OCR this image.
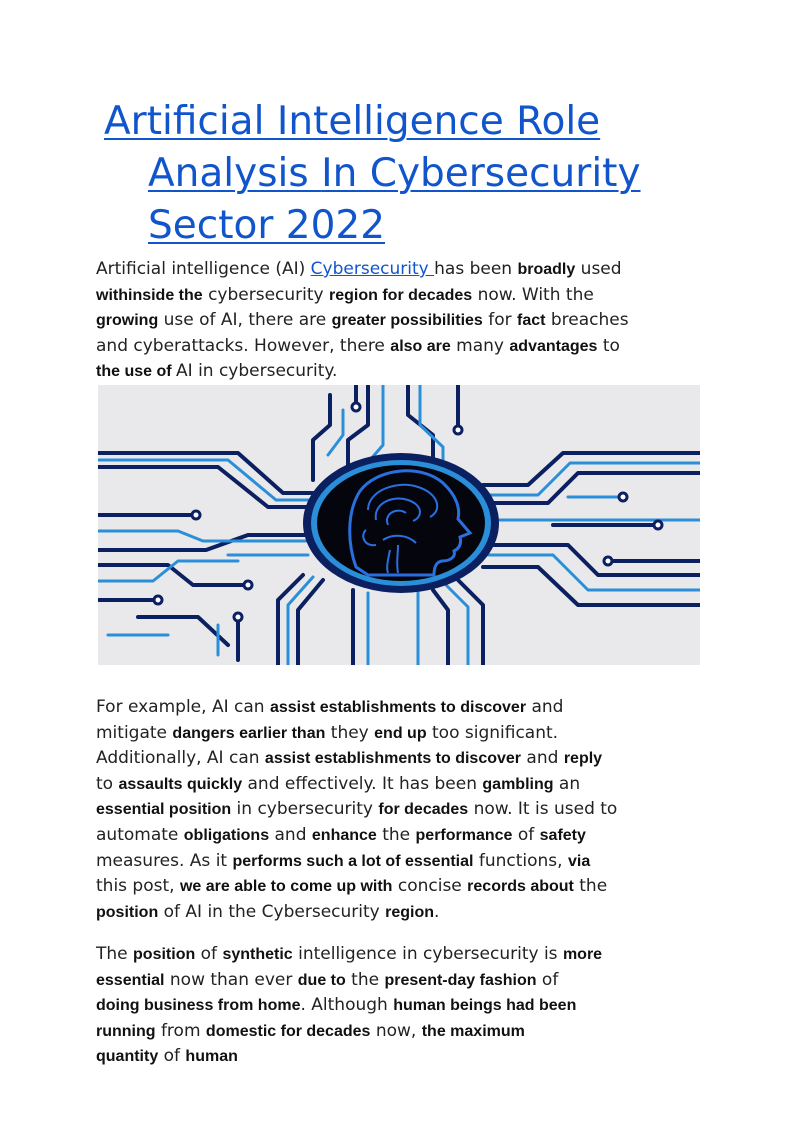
Artificial Intelligence Role
Analysis In Cybersecurity
Sector 2022

Artificial intelligence (AI) Cybersecurity has been broadly used
withinside the cybersecurity region for decades now. With the
growing use of AI, there are greater possibilities for fact breaches
and cyberattacks. However, there also are many advantages to
the use of AI in cybersecurity.

For example, AI can assist establishments to discover and
mitigate dangers earlier than they end up too significant.
Additionally, AI can assist establishments to discover and reply
to assaults quickly and effectively. It has been gambling an
essential position in cybersecurity for decades now. It is used to
automate obligations and enhance the performance of safety
measures. As it performs such a lot of essential functions, via
this post, we are able to come up with concise records about the
position of AI in the Cybersecurity region.

The position of synthetic intelligence in cybersecurity is more
essential now than ever due to the present-day fashion of
doing business from home. Although human beings had been
running from domestic for decades now, the maximum
quantity of human
